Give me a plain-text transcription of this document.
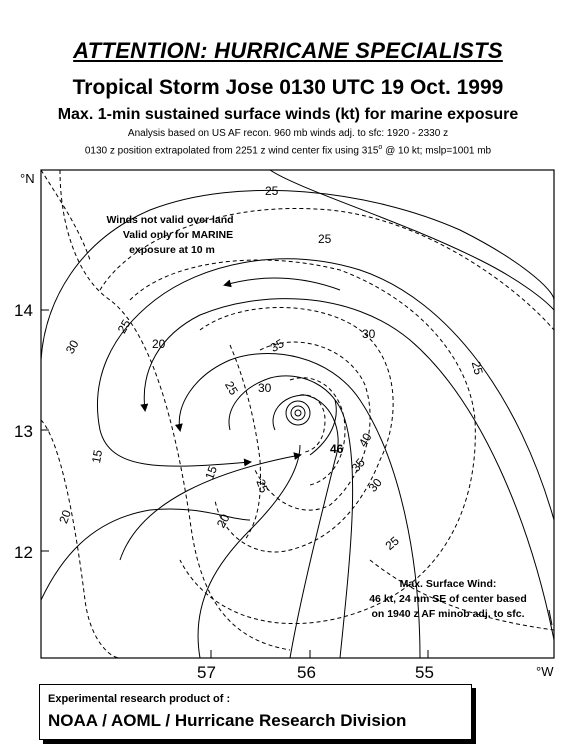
ATTENTION: HURRICANE SPECIALISTS
Tropical Storm Jose 0130 UTC 19 Oct. 1999
Max. 1-min sustained surface winds (kt) for marine exposure
Analysis based on US AF recon. 960 mb winds adj. to sfc: 1920 - 2330 z
0130 z position extrapolated from 2251 z wind center fix using 315$^o$ @ 10 kt; mslp=1001 mb
°N
14
13
12
57	56	55	°W
Winds not valid over land
Valid only for MARINE
exposure at 10 m
Max. Surface Wind:
46 kt, 24 nm SE of center based
on 1940 z AF minob adj. to sfc.
25
25
30
25
20	35
25 30
25
30
15
40
46
15
25
35
30
20
20
25
Experimental research product of :
NOAA / AOML / Hurricane Research Division
